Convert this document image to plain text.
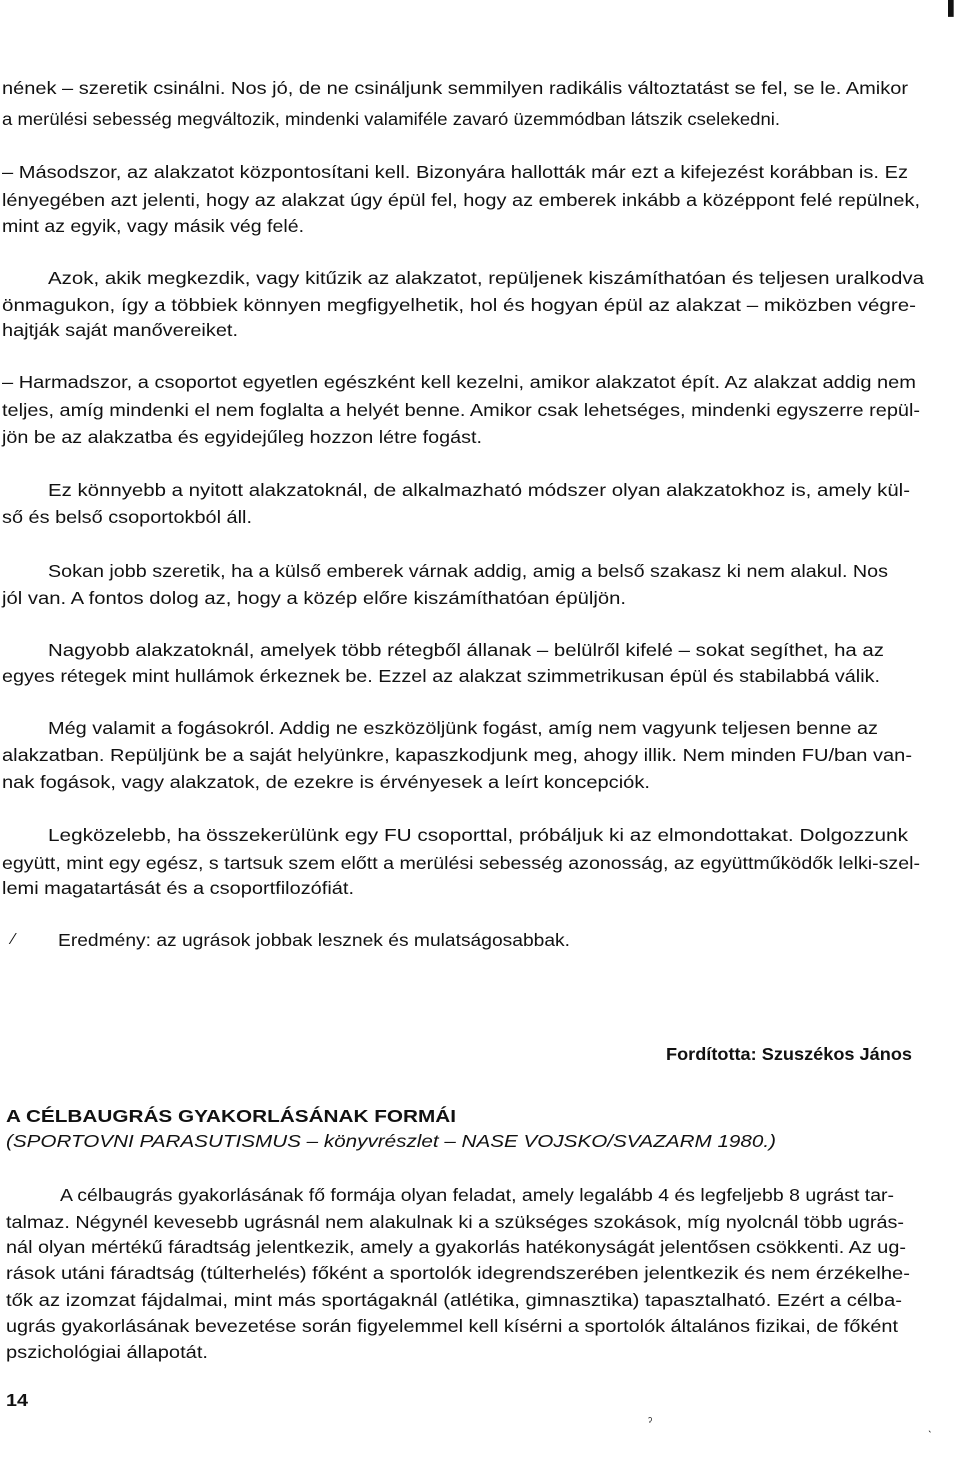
nének – szeretik csinálni. Nos jó, de ne csináljunk semmilyen radikális változtatást se fel, se le. Amikor
a merülési sebesség megváltozik, mindenki valamiféle zavaró üzemmódban látszik cselekedni.
– Másodszor, az alakzatot központosítani kell. Bizonyára hallották már ezt a kifejezést korábban is. Ez
lényegében azt jelenti, hogy az alakzat úgy épül fel, hogy az emberek inkább a középpont felé repülnek,
mint az egyik, vagy másik vég felé.
Azok, akik megkezdik, vagy kitűzik az alakzatot, repüljenek kiszámíthatóan és teljesen uralkodva
önmagukon, így a többiek könnyen megfigyelhetik, hol és hogyan épül az alakzat – miközben végre-
hajtják saját manővereiket.
– Harmadszor, a csoportot egyetlen egészként kell kezelni, amikor alakzatot épít. Az alakzat addig nem
teljes, amíg mindenki el nem foglalta a helyét benne. Amikor csak lehetséges, mindenki egyszerre repül-
jön be az alakzatba és egyidejűleg hozzon létre fogást.
Ez könnyebb a nyitott alakzatoknál, de alkalmazható módszer olyan alakzatokhoz is, amely kül-
ső és belső csoportokból áll.
Sokan jobb szeretik, ha a külső emberek várnak addig, amig a belső szakasz ki nem alakul. Nos
jól van. A fontos dolog az, hogy a közép előre kiszámíthatóan épüljön.
Nagyobb alakzatoknál, amelyek több rétegből állanak – belülről kifelé – sokat segíthet, ha az
egyes rétegek mint hullámok érkeznek be. Ezzel az alakzat szimmetrikusan épül és stabilabbá válik.
Még valamit a fogásokról. Addig ne eszközöljünk fogást, amíg nem vagyunk teljesen benne az
alakzatban. Repüljünk be a saját helyünkre, kapaszkodjunk meg, ahogy illik. Nem minden FU/ban van-
nak fogások, vagy alakzatok, de ezekre is érvényesek a leírt koncepciók.
Legközelebb, ha összekerülünk egy FU csoporttal, próbáljuk ki az elmondottakat. Dolgozzunk
együtt, mint egy egész, s tartsuk szem előtt a merülési sebesség azonosság, az együttműködők lelki-szel-
lemi magatartását és a csoportfilozófiát.
⁄ Eredmény: az ugrások jobbak lesznek és mulatságosabbak.
Fordította: Szuszékos János
A CÉLBAUGRÁS GYAKORLÁSÁNAK FORMÁI
(SPORTOVNI PARASUTISMUS – könyvrészlet – NASE VOJSKO/SVAZARM 1980.)
A célbaugrás gyakorlásának fő formája olyan feladat, amely legalább 4 és legfeljebb 8 ugrást tar-
talmaz. Négynél kevesebb ugrásnál nem alakulnak ki a szükséges szokások, míg nyolcnál több ugrás-
nál olyan mértékű fáradtság jelentkezik, amely a gyakorlás hatékonyságát jelentősen csökkenti. Az ug-
rások utáni fáradtság (túlterhelés) főként a sportolók idegrendszerében jelentkezik és nem érzékelhe-
tők az izomzat fájdalmai, mint más sportágaknál (atlétika, gimnasztika) tapasztalható. Ezért a célba-
ugrás gyakorlásának bevezetése során figyelemmel kell kísérni a sportolók általános fizikai, de főként
pszichológiai állapotát.
14
▌
ˀ	ˎ
